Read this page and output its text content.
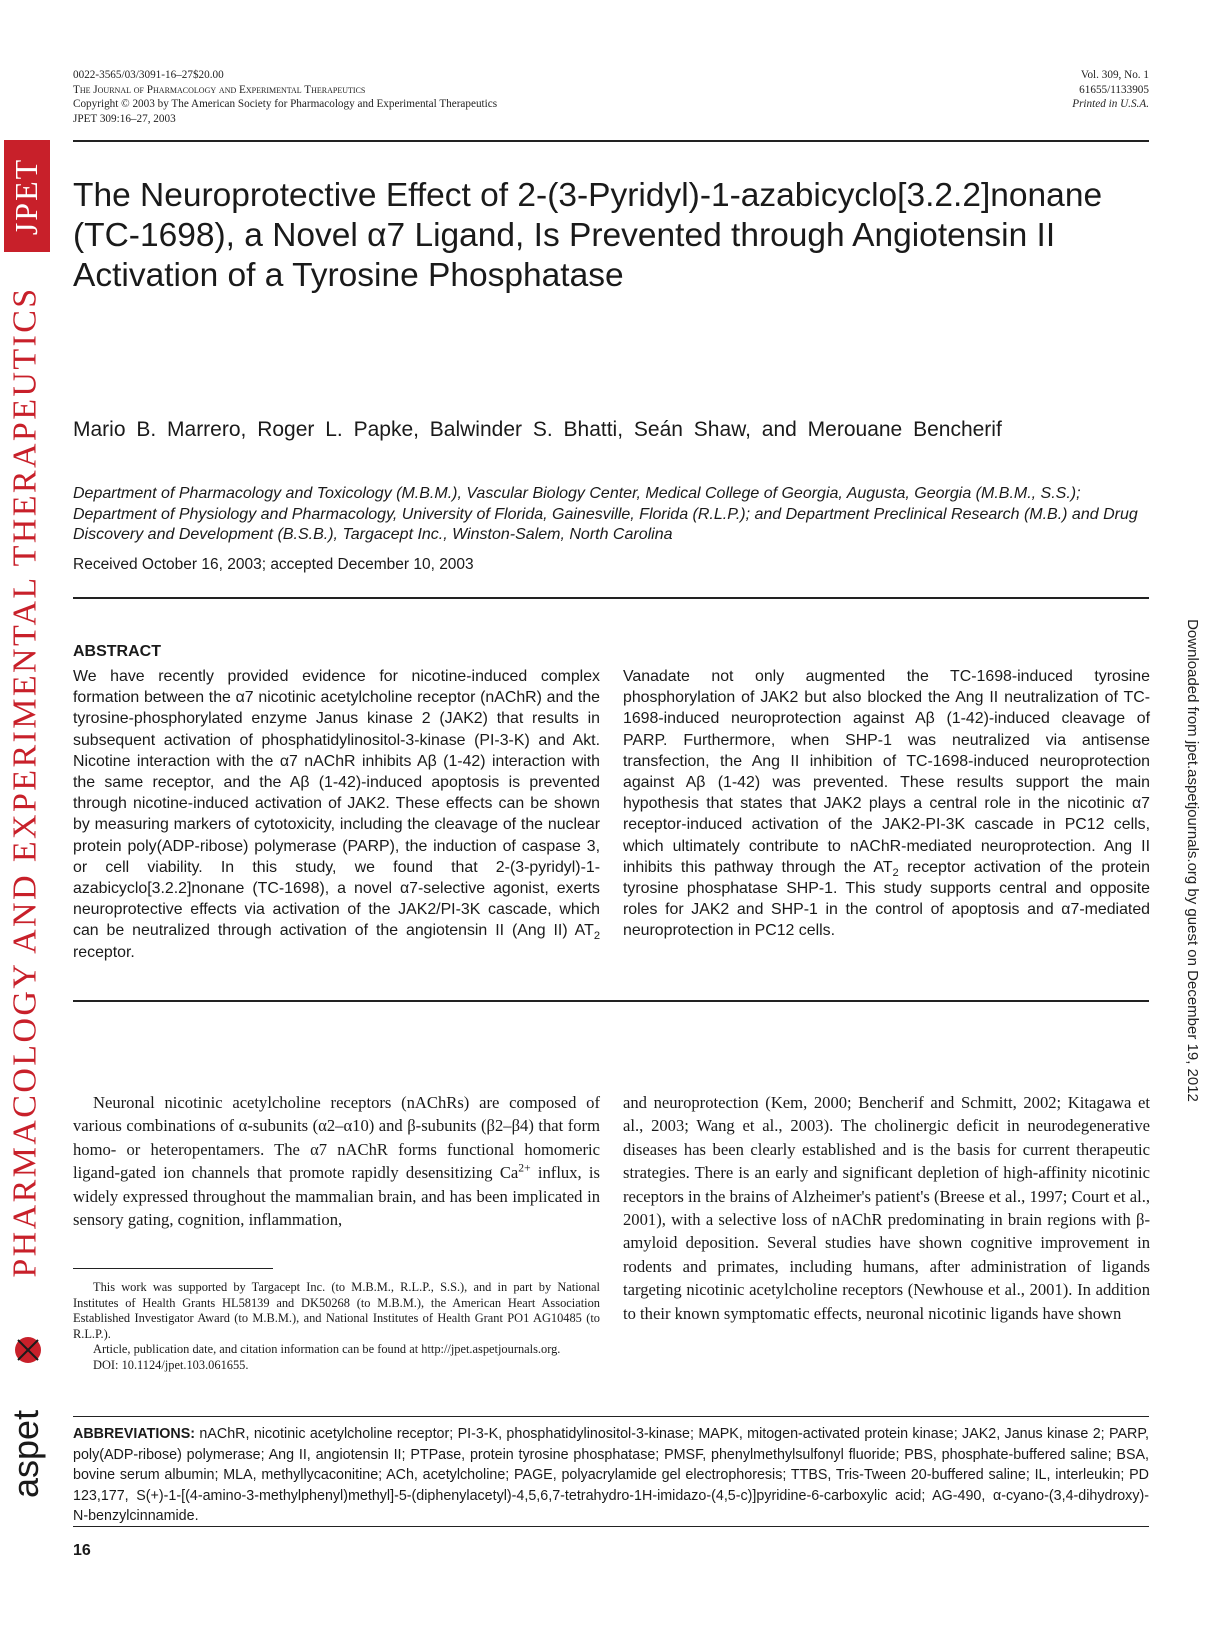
JPET
PHARMACOLOGY AND EXPERIMENTAL THERAPEUTICS
aspet
Downloaded from jpet.aspetjournals.org by guest on December 19, 2012
0022-3565/03/3091-16–27$20.00
The Journal of Pharmacology and Experimental Therapeutics
Copyright © 2003 by The American Society for Pharmacology and Experimental Therapeutics
JPET 309:16–27, 2003
Vol. 309, No. 1
61655/1133905
Printed in U.S.A.
The Neuroprotective Effect of 2-(3-Pyridyl)-1-azabicyclo[3.2.2]nonane (TC-1698), a Novel α7 Ligand, Is Prevented through Angiotensin II Activation of a Tyrosine Phosphatase
Mario B. Marrero, Roger L. Papke, Balwinder S. Bhatti, Seán Shaw, and Merouane Bencherif
Department of Pharmacology and Toxicology (M.B.M.), Vascular Biology Center, Medical College of Georgia, Augusta, Georgia (M.B.M., S.S.); Department of Physiology and Pharmacology, University of Florida, Gainesville, Florida (R.L.P.); and Department Preclinical Research (M.B.) and Drug Discovery and Development (B.S.B.), Targacept Inc., Winston-Salem, North Carolina
Received October 16, 2003; accepted December 10, 2003
ABSTRACT
We have recently provided evidence for nicotine-induced complex formation between the α7 nicotinic acetylcholine receptor (nAChR) and the tyrosine-phosphorylated enzyme Janus kinase 2 (JAK2) that results in subsequent activation of phosphatidylinositol-3-kinase (PI-3-K) and Akt. Nicotine interaction with the α7 nAChR inhibits Aβ (1-42) interaction with the same receptor, and the Aβ (1-42)-induced apoptosis is prevented through nicotine-induced activation of JAK2. These effects can be shown by measuring markers of cytotoxicity, including the cleavage of the nuclear protein poly(ADP-ribose) polymerase (PARP), the induction of caspase 3, or cell viability. In this study, we found that 2-(3-pyridyl)-1-azabicyclo[3.2.2]nonane (TC-1698), a novel α7-selective agonist, exerts neuroprotective effects via activation of the JAK2/PI-3K cascade, which can be neutralized through activation of the angiotensin II (Ang II) $AT_2$ receptor.
Vanadate not only augmented the TC-1698-induced tyrosine phosphorylation of JAK2 but also blocked the Ang II neutralization of TC-1698-induced neuroprotection against Aβ (1-42)-induced cleavage of PARP. Furthermore, when SHP-1 was neutralized via antisense transfection, the Ang II inhibition of TC-1698-induced neuroprotection against Aβ (1-42) was prevented. These results support the main hypothesis that states that JAK2 plays a central role in the nicotinic α7 receptor-induced activation of the JAK2-PI-3K cascade in PC12 cells, which ultimately contribute to nAChR-mediated neuroprotection. Ang II inhibits this pathway through the $AT_2$ receptor activation of the protein tyrosine phosphatase SHP-1. This study supports central and opposite roles for JAK2 and SHP-1 in the control of apoptosis and α7-mediated neuroprotection in PC12 cells.

Neuronal nicotinic acetylcholine receptors (nAChRs) are composed of various combinations of α-subunits (α2–α10) and β-subunits (β2–β4) that form homo- or heteropentamers. The α7 nAChR forms functional homomeric ligand-gated ion channels that promote rapidly desensitizing $Ca^{2+}$ influx, is widely expressed throughout the mammalian brain, and has been implicated in sensory gating, cognition, inflammation,

and neuroprotection (Kem, 2000; Bencherif and Schmitt, 2002; Kitagawa et al., 2003; Wang et al., 2003). The cholinergic deficit in neurodegenerative diseases has been clearly established and is the basis for current therapeutic strategies. There is an early and significant depletion of high-affinity nicotinic receptors in the brains of Alzheimer's patient's (Breese et al., 1997; Court et al., 2001), with a selective loss of nAChR predominating in brain regions with β-amyloid deposition. Several studies have shown cognitive improvement in rodents and primates, including humans, after administration of ligands targeting nicotinic acetylcholine receptors (Newhouse et al., 2001). In addition to their known symptomatic effects, neuronal nicotinic ligands have shown

This work was supported by Targacept Inc. (to M.B.M., R.L.P., S.S.), and in part by National Institutes of Health Grants HL58139 and DK50268 (to M.B.M.), the American Heart Association Established Investigator Award (to M.B.M.), and National Institutes of Health Grant PO1 AG10485 (to R.L.P.).

Article, publication date, and citation information can be found at http://jpet.aspetjournals.org.

DOI: 10.1124/jpet.103.061655.

ABBREVIATIONS: nAChR, nicotinic acetylcholine receptor; PI-3-K, phosphatidylinositol-3-kinase; MAPK, mitogen-activated protein kinase; JAK2, Janus kinase 2; PARP, poly(ADP-ribose) polymerase; Ang II, angiotensin II; PTPase, protein tyrosine phosphatase; PMSF, phenylmethylsulfonyl fluoride; PBS, phosphate-buffered saline; BSA, bovine serum albumin; MLA, methyllycaconitine; ACh, acetylcholine; PAGE, polyacrylamide gel electrophoresis; TTBS, Tris-Tween 20-buffered saline; IL, interleukin; PD 123,177, S(+)-1-[(4-amino-3-methylphenyl)methyl]-5-(diphenylacetyl)-4,5,6,7-tetrahydro-1H-imidazo-(4,5-c)]pyridine-6-carboxylic acid; AG-490, α-cyano-(3,4-dihydroxy)-N-benzylcinnamide.
16
